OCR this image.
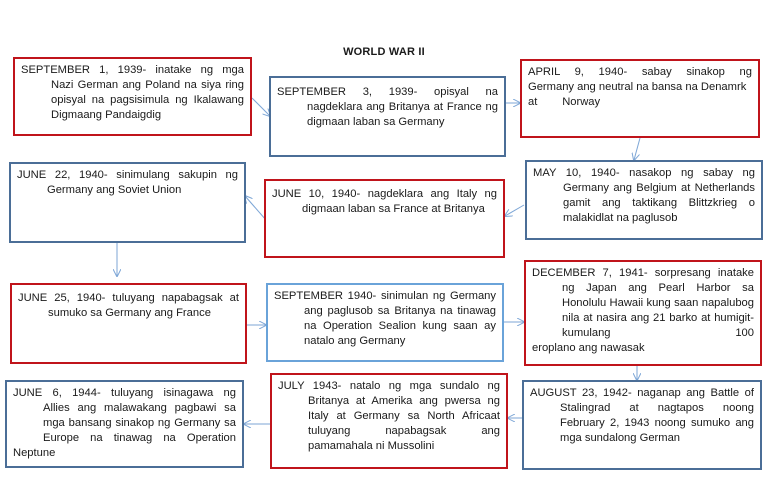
WORLD WAR II
SEPTEMBER 1, 1939- inatake ng mga
Nazi German ang Poland na siya ring opisyal na pagsisimula ng Ikalawang Digmaang Pandaigdig
SEPTEMBER 3, 1939- opisyal na
nagdeklara ang Britanya at France ng digmaan laban sa Germany
APRIL 9, 1940- sabay sinakop ng
Germany ang neutral na bansa na Denamrk at        Norway
JUNE 22, 1940- sinimulang sakupin ng
Germany ang Soviet Union	JUNE 10, 1940- nagdeklara ang Italy ng
digmaan laban sa France at Britanya
MAY 10, 1940- nasakop ng sabay ng
Germany ang Belgium at Netherlands gamit ang taktikang Blittzkrieg o malakidlat na paglusob
JUNE 25, 1940- tuluyang napabagsak at
sumuko sa Germany ang France
SEPTEMBER 1940- sinimulan ng Germany
ang paglusob sa Britanya na tinawag na Operation Sealion kung saan ay natalo ang Germany
DECEMBER 7, 1941- sorpresang inatake
ng Japan ang Pearl Harbor sa Honolulu Hawaii kung saan napalubog nila at nasira ang 21 barko at humigit-kumulang 100
eroplano ang nawasak
JUNE 6, 1944- tuluyang isinagawa ng
Allies ang malawakang pagbawi sa mga bansang sinakop ng Germany sa Europe na tinawag na Operation
Neptune
JULY 1943- natalo ng mga sundalo ng
Britanya at Amerika ang pwersa ng Italy at Germany sa North Africaat tuluyang napabagsak ang pamamahala ni Mussolini
AUGUST 23, 1942- naganap ang Battle of
Stalingrad at nagtapos noong February 2, 1943 noong sumuko ang mga sundalong German
